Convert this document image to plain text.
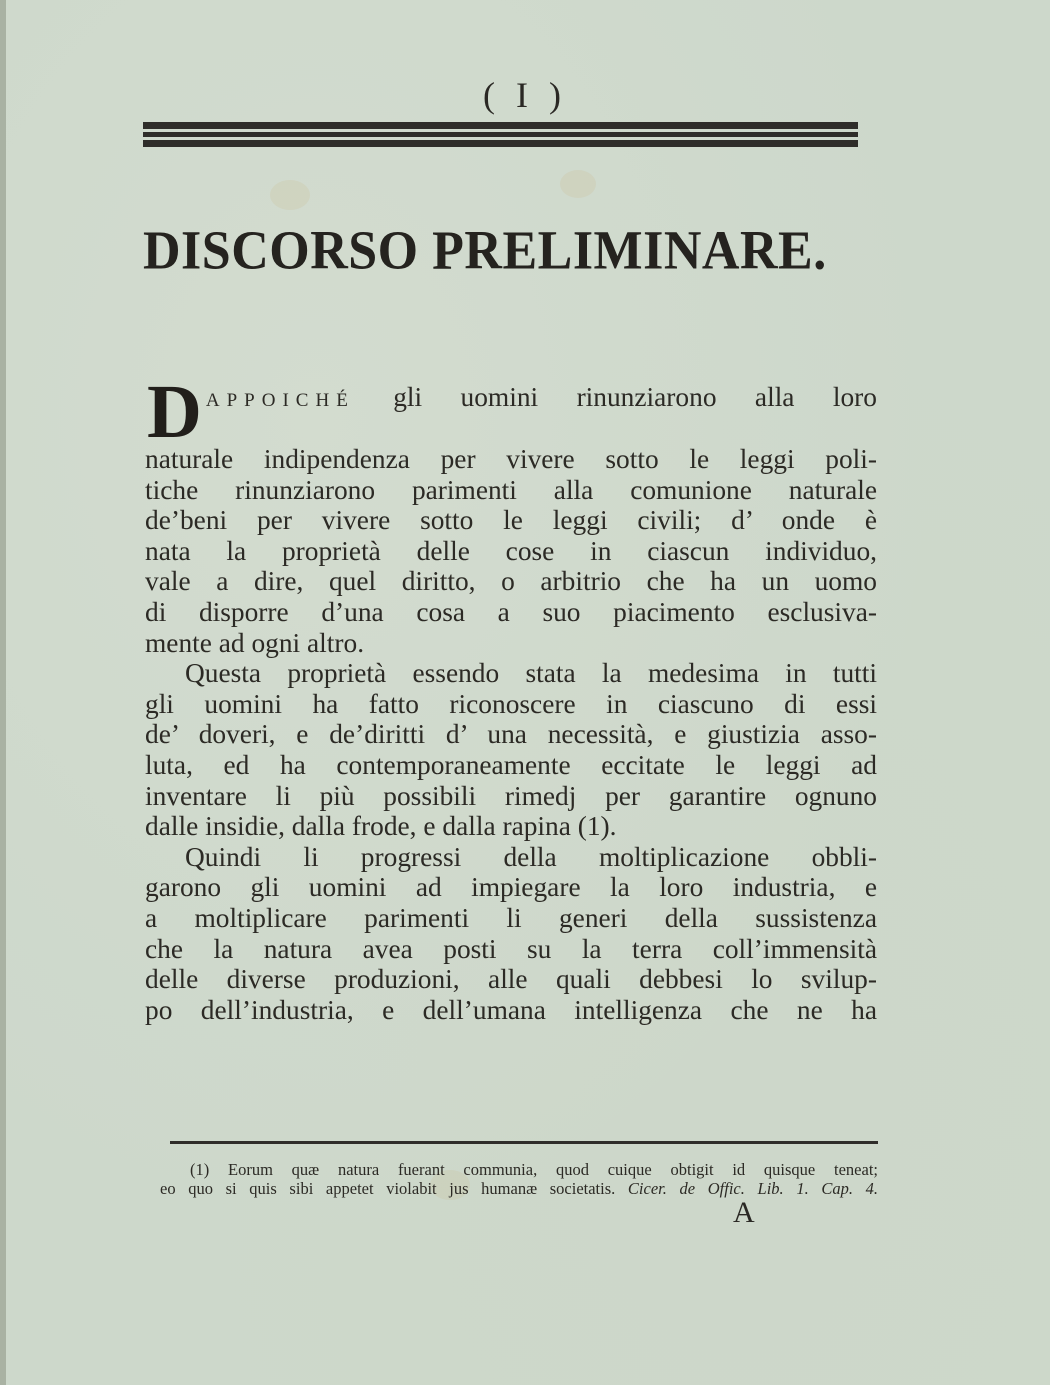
( I )
DISCORSO PRELIMINARE.
D APPOICHÉ gli uomini rinunziarono alla loro
naturale indipendenza per vivere sotto le leggi poli-
tiche rinunziarono parimenti alla comunione naturale
de’beni per vivere sotto le leggi civili; d’ onde è
nata la proprietà delle cose in ciascun individuo,
vale a dire, quel diritto, o arbitrio che ha un uomo
di disporre d’una cosa a suo piacimento esclusiva-
mente ad ogni altro.
Questa proprietà essendo stata la medesima in tutti
gli uomini ha fatto riconoscere in ciascuno di essi
de’ doveri, e de’diritti d’ una necessità, e giustizia asso-
luta, ed ha contemporaneamente eccitate le leggi ad
inventare li più possibili rimedj per garantire ognuno
dalle insidie, dalla frode, e dalla rapina (1).
Quindi li progressi della moltiplicazione obbli-
garono gli uomini ad impiegare la loro industria, e
a moltiplicare parimenti li generi della sussistenza
che la natura avea posti su la terra coll’immensità
delle diverse produzioni, alle quali debbesi lo svilup-
po dell’industria, e dell’umana intelligenza che ne ha
(1) Eorum quæ natura fuerant communia, quod cuique obtigit id quisque teneat;
eo quo si quis sibi appetet violabit jus humanæ societatis. Cicer. de Offic. Lib. 1. Cap. 4.
A
